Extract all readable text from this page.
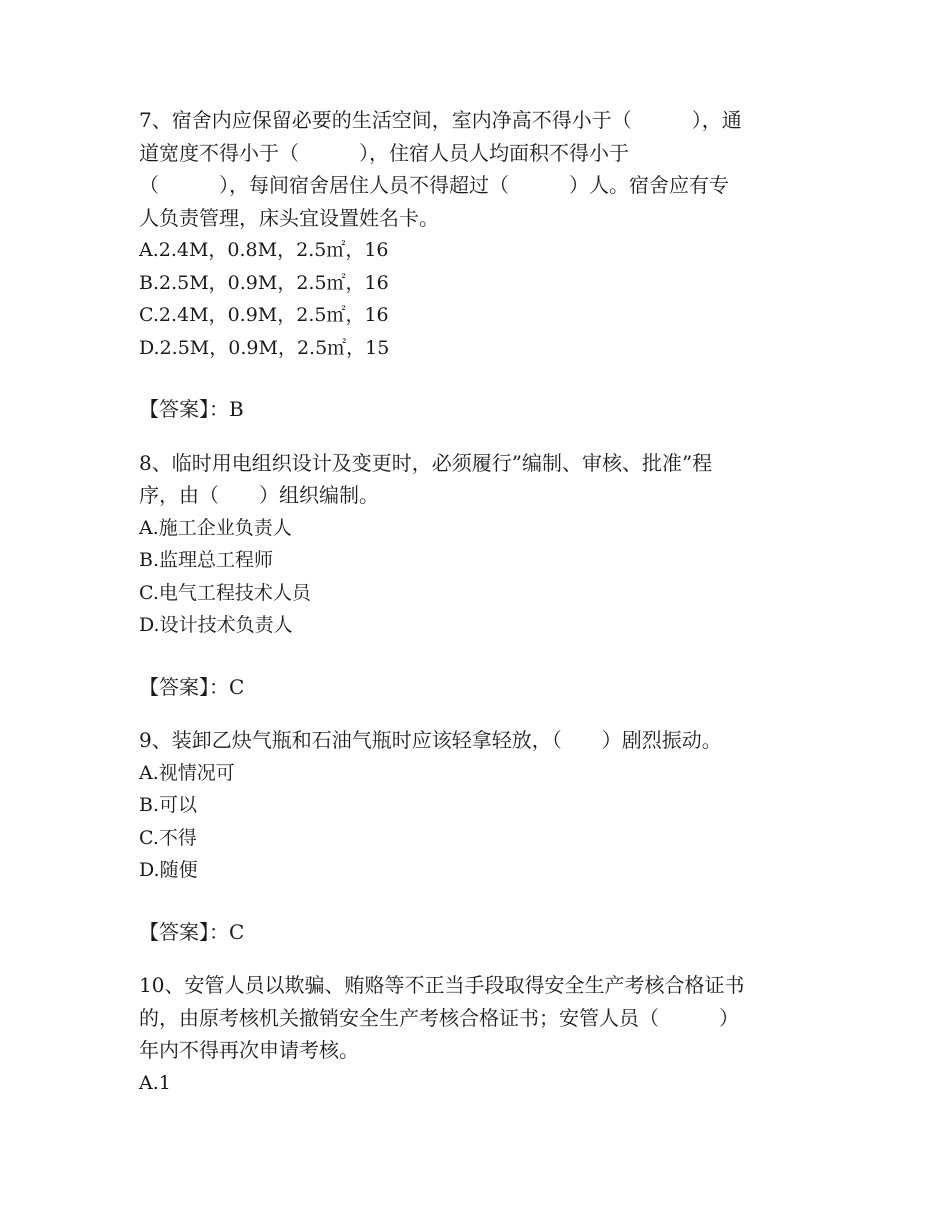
7、宿舍内应保留必要的生活空间，室内净高不得小于（　　　），通
道宽度不得小于（　　　），住宿人员人均面积不得小于
（　　　），每间宿舍居住人员不得超过（　　　）人。宿舍应有专
人负责管理，床头宜设置姓名卡。
A.2.4M，0.8M，2.5㎡，16
B.2.5M，0.9M，2.5㎡，16
C.2.4M，0.9M，2.5㎡，16
D.2.5M，0.9M，2.5㎡，15
【答案】：B
8、临时用电组织设计及变更时，必须履行”编制、审核、批准”程
序，由（　　）组织编制。
A.施工企业负责人
B.监理总工程师
C.电气工程技术人员
D.设计技术负责人
【答案】：C
9、装卸乙炔气瓶和石油气瓶时应该轻拿轻放，（　　）剧烈振动。
A.视情况可
B.可以
C.不得
D.随便
【答案】：C
10、安管人员以欺骗、贿赂等不正当手段取得安全生产考核合格证书
的，由原考核机关撤销安全生产考核合格证书；安管人员（　　　）
年内不得再次申请考核。
A.1
